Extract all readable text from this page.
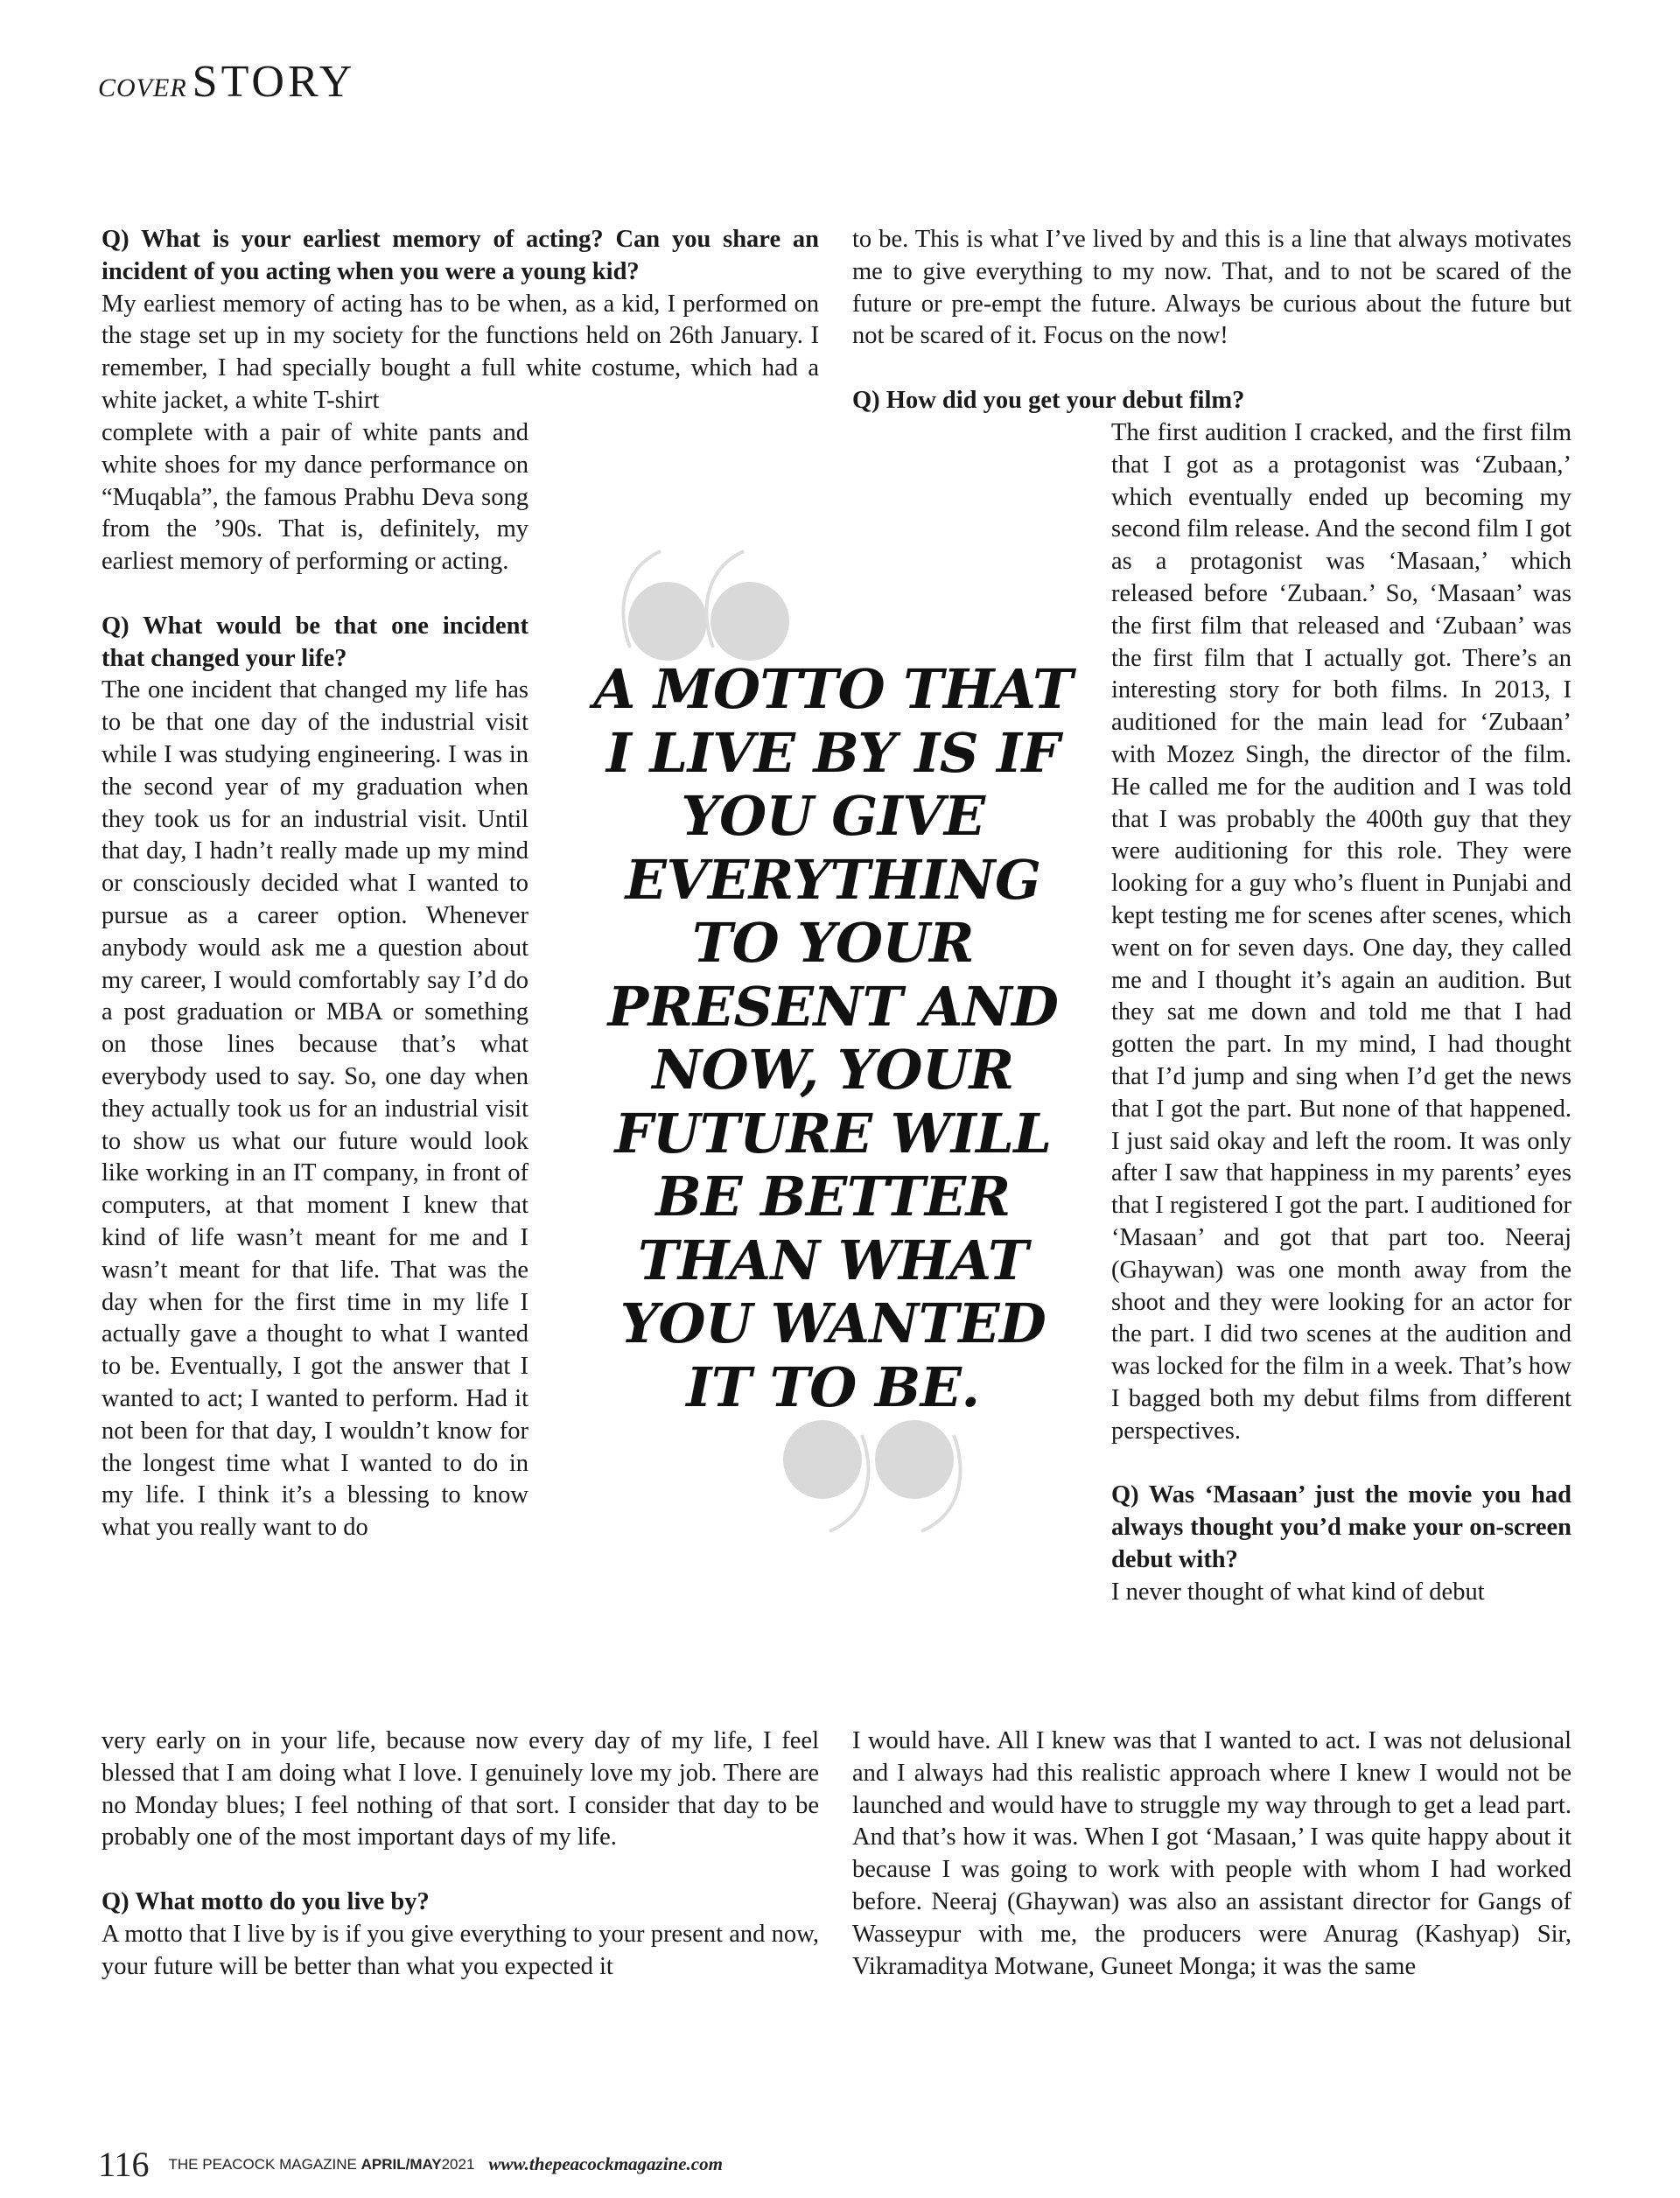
COVER STORY

Q) What is your earliest memory of acting? Can you share an incident of you acting when you were a young kid?

My earliest memory of acting has to be when, as a kid, I performed on the stage set up in my society for the functions held on 26th January. I remember, I had specially bought a full white costume, which had a white jacket, a white T-shirt

complete with a pair of white pants and white shoes for my dance performance on “Muqabla”, the famous Prabhu Deva song from the ’90s. That is, definitely, my earliest memory of performing or acting.

Q) What would be that one incident that changed your life?

The one incident that changed my life has to be that one day of the industrial visit while I was studying engineering. I was in the second year of my graduation when they took us for an industrial visit. Until that day, I hadn’t really made up my mind or consciously decided what I wanted to pursue as a career option. Whenever anybody would ask me a question about my career, I would comfortably say I’d do a post graduation or MBA or something on those lines because that’s what everybody used to say. So, one day when they actually took us for an industrial visit to show us what our future would look like working in an IT company, in front of computers, at that moment I knew that kind of life wasn’t meant for me and I wasn’t meant for that life. That was the day when for the first time in my life I actually gave a thought to what I wanted to be. Eventually, I got the answer that I wanted to act; I wanted to perform. Had it not been for that day, I wouldn’t know for the longest time what I wanted to do in my life. I think it’s a blessing to know what you really want to do

very early on in your life, because now every day of my life, I feel blessed that I am doing what I love. I genuinely love my job. There are no Monday blues; I feel nothing of that sort. I consider that day to be probably one of the most important days of my life.

Q) What motto do you live by?

A motto that I live by is if you give everything to your present and now, your future will be better than what you expected it

to be. This is what I’ve lived by and this is a line that always motivates me to give everything to my now. That, and to not be scared of the future or pre-empt the future. Always be curious about the future but not be scared of it. Focus on the now!

Q) How did you get your debut film?

The first audition I cracked, and the first film that I got as a protagonist was ‘Zubaan,’ which eventually ended up becoming my second film release. And the second film I got as a protagonist was ‘Masaan,’ which released before ‘Zubaan.’ So, ‘Masaan’ was the first film that released and ‘Zubaan’ was the first film that I actually got. There’s an interesting story for both films. In 2013, I auditioned for the main lead for ‘Zubaan’ with Mozez Singh, the director of the film. He called me for the audition and I was told that I was probably the 400th guy that they were auditioning for this role. They were looking for a guy who’s fluent in Punjabi and kept testing me for scenes after scenes, which went on for seven days. One day, they called me and I thought it’s again an audition. But they sat me down and told me that I had gotten the part. In my mind, I had thought that I’d jump and sing when I’d get the news that I got the part. But none of that happened. I just said okay and left the room. It was only after I saw that happiness in my parents’ eyes that I registered I got the part. I auditioned for ‘Masaan’ and got that part too. Neeraj (Ghaywan) was one month away from the shoot and they were looking for an actor for the part. I did two scenes at the audition and was locked for the film in a week. That’s how I bagged both my debut films from different perspectives.

Q) Was ‘Masaan’ just the movie you had always thought you’d make your on-screen debut with?

I never thought of what kind of debut

I would have. All I knew was that I wanted to act. I was not delusional and I always had this realistic approach where I knew I would not be launched and would have to struggle my way through to get a lead part. And that’s how it was. When I got ‘Masaan,’ I was quite happy about it because I was going to work with people with whom I had worked before. Neeraj (Ghaywan) was also an assistant director for Gangs of Wasseypur with me, the producers were Anurag (Kashyap) Sir, Vikramaditya Motwane, Guneet Monga; it was the same

A MOTTO THAT I LIVE BY IS IF YOU GIVE EVERYTHING TO YOUR PRESENT AND NOW, YOUR FUTURE WILL BE BETTER THAN WHAT YOU WANTED IT TO BE.
116 THE PEACOCK MAGAZINE APRIL/MAY2021 www.thepeacockmagazine.com
